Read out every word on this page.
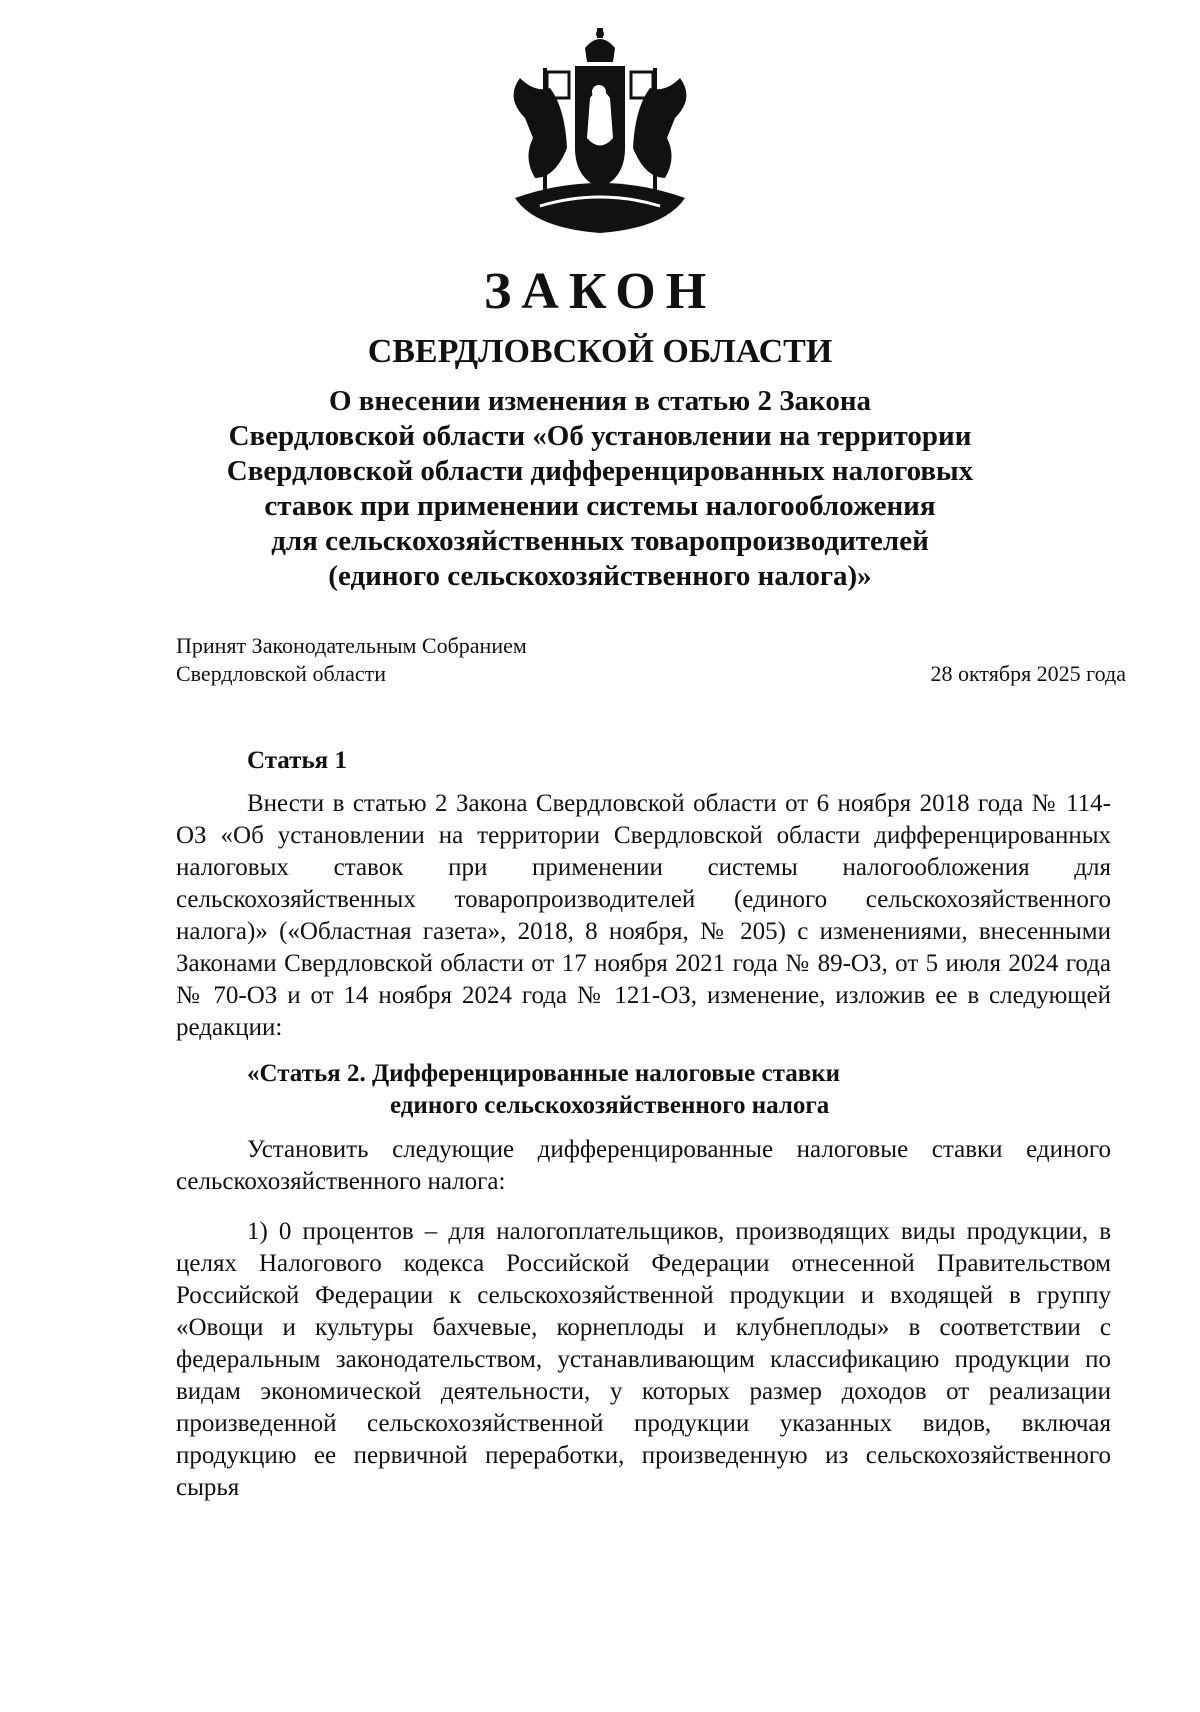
ЗАКОН
СВЕРДЛОВСКОЙ ОБЛАСТИ
О внесении изменения в статью 2 Закона
Свердловской области «Об установлении на территории
Свердловской области дифференцированных налоговых
ставок при применении системы налогообложения
для сельскохозяйственных товаропроизводителей
(единого сельскохозяйственного налога)»
Принят Законодательным Собранием
Свердловской области	28 октября 2025 года
Статья 1
Внести в статью 2 Закона Свердловской области от 6 ноября 2018 года № 114-ОЗ «Об установлении на территории Свердловской области дифференцированных налоговых ставок при применении системы налогообложения для сельскохозяйственных товаропроизводителей (единого сельскохозяйственного налога)» («Областная газета», 2018, 8 ноября, № 205) с изменениями, внесенными Законами Свердловской области от 17 ноября 2021 года № 89-ОЗ, от 5 июля 2024 года № 70-ОЗ и от 14 ноября 2024 года № 121-ОЗ, изменение, изложив ее в следующей редакции:
«Статья 2. Дифференцированные налоговые ставки
единого сельскохозяйственного налога
Установить следующие дифференцированные налоговые ставки единого сельскохозяйственного налога:
1) 0 процентов – для налогоплательщиков, производящих виды продукции, в целях Налогового кодекса Российской Федерации отнесенной Правительством Российской Федерации к сельскохозяйственной продукции и входящей в группу «Овощи и культуры бахчевые, корнеплоды и клубнеплоды» в соответствии с федеральным законодательством, устанавливающим классификацию продукции по видам экономической деятельности, у которых размер доходов от реализации произведенной сельскохозяйственной продукции указанных видов, включая продукцию ее первичной переработки, произведенную из сельскохозяйственного сырья
